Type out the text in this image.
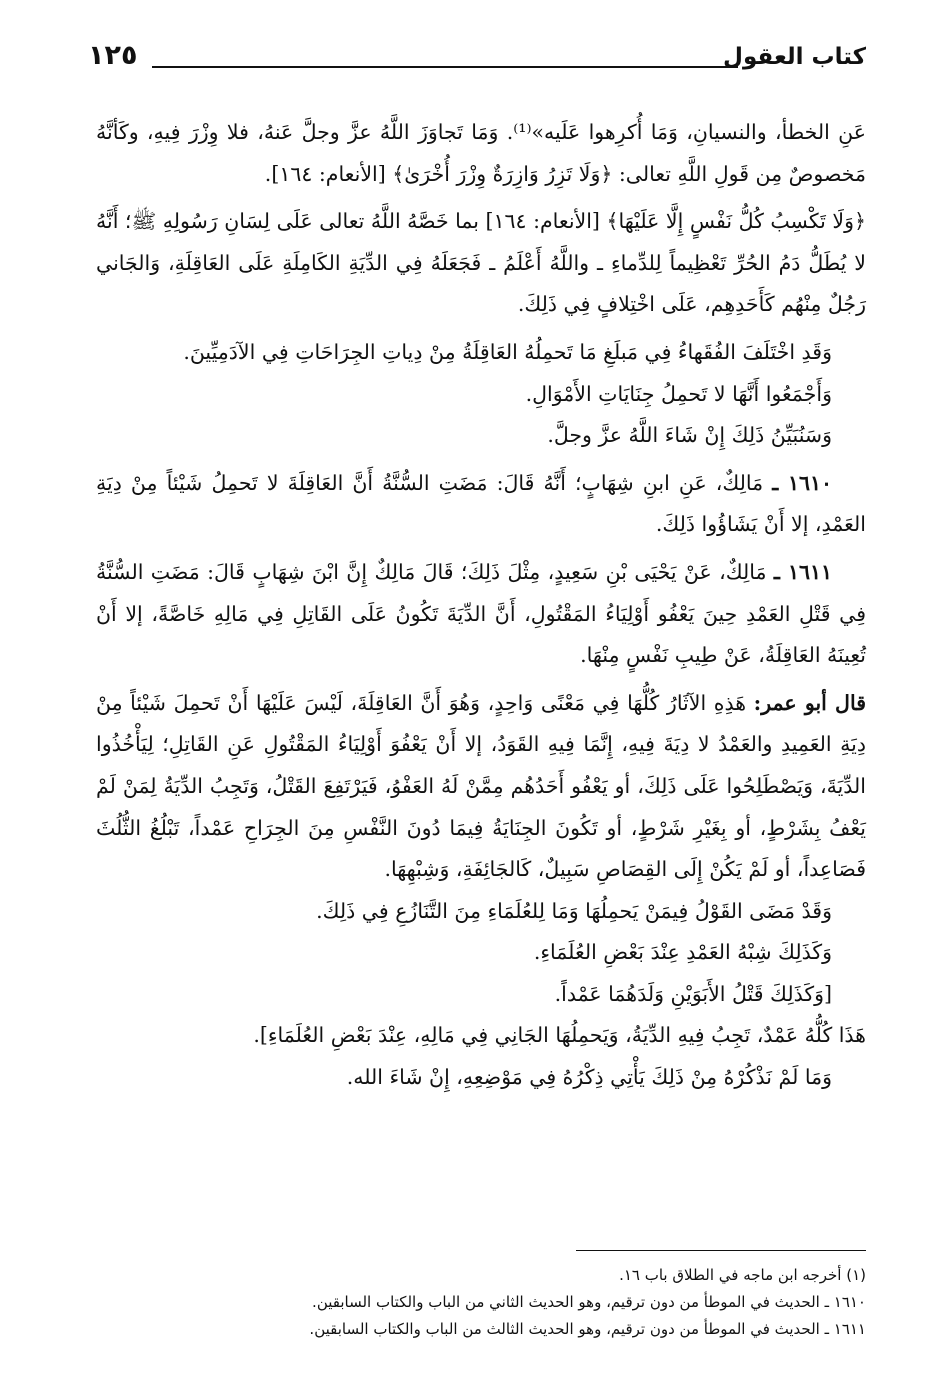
كتاب العقول
١٢٥

عَنِ الخطأ، والنسيانِ، وَمَا أُكرِهوا عَلَيه»⁽¹⁾. وَمَا تَجاوَزَ اللَّهُ عزَّ وجلَّ عَنهُ، فلا وِزْرَ فِيهِ، وكَأنَّهُ مَخصوصٌ مِن قَولِ اللَّهِ تعالى: ﴿وَلَا تَزِرُ وَازِرَةٌ وِزْرَ أُخْرَىٰ﴾ [الأنعام: ١٦٤].

﴿وَلَا تَكْسِبُ كُلُّ نَفْسٍ إِلَّا عَلَيْهَا﴾ [الأنعام: ١٦٤] بما خَصَّهُ اللَّهُ تعالى عَلَى لِسَانِ رَسُولِهِ ﷺ؛ أَنَّهُ لا يُطَلُّ دَمُ الحُرِّ تَعْظِيماً لِلدِّماءِ ـ واللَّهُ أَعْلَمُ ـ فَجَعَلَهُ فِي الدِّيَةِ الكَامِلَةِ عَلَى العَاقِلَةِ، وَالجَاني رَجُلٌ مِنْهُم كَأَحَدِهِم، عَلَى اخْتِلافٍ فِي ذَلِكَ.

وَقَدِ اخْتَلَفَ الفُقَهاءُ فِي مَبلَغِ مَا تَحمِلُهُ العَاقِلَةُ مِنْ دِياتِ الجِرَاحَاتِ فِي الآدَمِيِّينَ.

وَأَجْمَعُوا أَنَّهَا لا تَحمِلُ جِنَايَاتِ الأَمْوَالِ.

وَسَنُبَيِّنُ ذَلِكَ إِنْ شَاءَ اللَّهُ عزَّ وجلَّ.

١٦١٠ ـ مَالِكٌ، عَنِ ابنِ شِهَابٍ؛ أَنَّهُ قَالَ: مَضَتِ السُّنَّةُ أَنَّ العَاقِلَةَ لا تَحمِلُ شَيْئاً مِنْ دِيَةِ العَمْدِ، إلا أَنْ يَشَاؤُوا ذَلِكَ.

١٦١١ ـ مَالِكٌ، عَنْ يَحْيَى بْنِ سَعِيدٍ، مِثْلَ ذَلِكَ؛ قَالَ مَالِكٌ إِنَّ ابْنَ شِهَابٍ قَالَ: مَضَتِ السُّنَّةُ فِي قَتْلِ العَمْدِ حِينَ يَعْفُو أَوْلِيَاءُ المَقْتُولِ، أَنَّ الدِّيَةَ تَكُونُ عَلَى القَاتِلِ فِي مَالِهِ خَاصَّةً، إلا أَنْ تُعِينَهُ العَاقِلَةُ، عَنْ طِيبِ نَفْسٍ مِنْهَا.

قال أبو عمر: هَذِهِ الآثَارُ كُلُّهَا فِي مَعْنًى وَاحِدٍ، وَهُوَ أَنَّ العَاقِلَةَ، لَيْسَ عَلَيْهَا أَنْ تَحمِلَ شَيْئاً مِنْ دِيَةِ العَمِيدِ والعَمْدُ لا دِيَةَ فِيهِ، إِنَّمَا فِيهِ القَوَدُ، إلا أَنْ يَعْفُوَ أَوْلِيَاءُ المَقْتُولِ عَنِ القَاتِلِ؛ لِيَأْخُذُوا الدِّيَةَ، وَيَصْطَلِحُوا عَلَى ذَلِكَ، أو يَعْفُو أَحَدُهُم مِمَّنْ لَهُ العَفْوُ، فَيَرْتَفِعَ القَتْلُ، وَتَجِبُ الدِّيَةُ لِمَنْ لَمْ يَعْفُ بِشَرْطٍ، أو بِغَيْرِ شَرْطٍ، أو تَكُونَ الجِنَايَةُ فِيمَا دُونَ النَّفْسِ مِنَ الجِرَاحِ عَمْداً، تَبْلُغُ الثُّلُثَ فَصَاعِداً، أو لَمْ يَكُنْ إِلَى القِصَاصِ سَبِيلٌ، كَالجَائِفَةِ، وَشِبْهِهَا.

وَقَدْ مَضَى القَوْلُ فِيمَنْ يَحمِلُهَا وَمَا لِلعُلَمَاءِ مِنَ التَّنَازُعِ فِي ذَلِكَ.

وَكَذَلِكَ شِبْهُ العَمْدِ عِنْدَ بَعْضِ العُلَمَاءِ.

[وَكَذَلِكَ قَتْلُ الأَبَوَيْنِ وَلَدَهُمَا عَمْداً.

هَذَا كُلُّهُ عَمْدٌ، تَجِبُ فِيهِ الدِّيَةُ، وَيَحمِلُهَا الجَانِي فِي مَالِهِ، عِنْدَ بَعْضِ العُلَمَاءِ].

وَمَا لَمْ نَذْكُرْهُ مِنْ ذَلِكَ يَأْتِي ذِكْرُهُ فِي مَوْضِعِهِ، إِنْ شَاءَ الله.

(١) أخرجه ابن ماجه في الطلاق باب ١٦.

١٦١٠ ـ الحديث في الموطأ من دون ترقيم، وهو الحديث الثاني من الباب والكتاب السابقين.

١٦١١ ـ الحديث في الموطأ من دون ترقيم، وهو الحديث الثالث من الباب والكتاب السابقين.
